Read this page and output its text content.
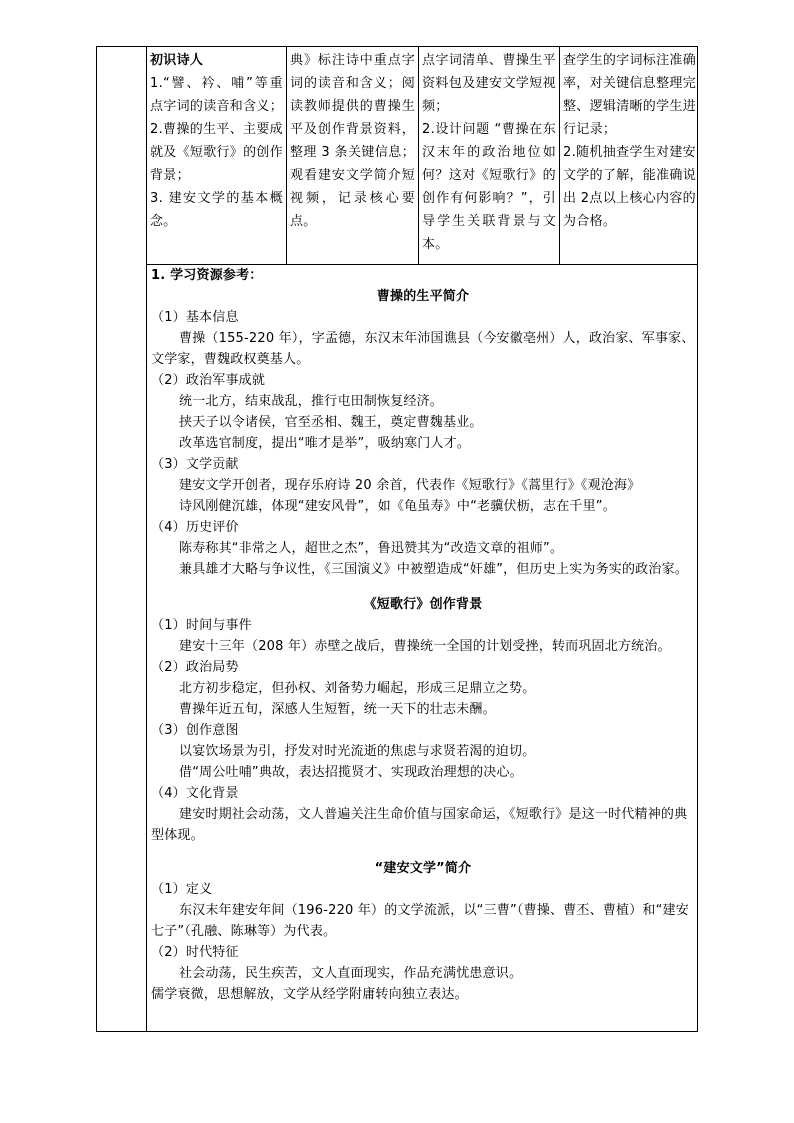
初识诗人

1.“譬、衿、哺”等重点字词的读音和含义；

2.曹操的生平、主要成就及《短歌行》的创作背景；

3. 建安文学的基本概念。

典》标注诗中重点字词的读音和含义；阅读教师提供的曹操生平及创作背景资料，整理 3 条关键信息；观看建安文学简介短视频，记录核心要点。

点字词清单、曹操生平资料包及建安文学短视频；

2.设计问题 “曹操在东汉末年的政治地位如何？这对《短歌行》的创作有何影响？”，引导学生关联背景与文本。

查学生的字词标注准确率，对关键信息整理完整、逻辑清晰的学生进行记录；

2.随机抽查学生对建安文学的了解，能准确说出 2点以上核心内容的为合格。

1. 学习资源参考：

曹操的生平简介

（1）基本信息

曹操（155-220 年），字孟德，东汉末年沛国谯县（今安徽亳州）人，政治家、军事家、文学家，曹魏政权奠基人。

（2）政治军事成就

统一北方，结束战乱，推行屯田制恢复经济。

挟天子以令诸侯，官至丞相、魏王，奠定曹魏基业。

改革选官制度，提出“唯才是举”，吸纳寒门人才。

（3）文学贡献

建安文学开创者，现存乐府诗 20 余首，代表作《短歌行》《蒿里行》《观沧海》

诗风刚健沉雄，体现“建安风骨”，如《龟虽寿》中“老骥伏枥，志在千里”。

（4）历史评价

陈寿称其“非常之人，超世之杰”，鲁迅赞其为“改造文章的祖师”。

兼具雄才大略与争议性，《三国演义》中被塑造成“奸雄”，但历史上实为务实的政治家。

《短歌行》创作背景

（1）时间与事件

建安十三年（208 年）赤壁之战后，曹操统一全国的计划受挫，转而巩固北方统治。

（2）政治局势

北方初步稳定，但孙权、刘备势力崛起，形成三足鼎立之势。

曹操年近五旬，深感人生短暂，统一天下的壮志未酬。

（3）创作意图

以宴饮场景为引，抒发对时光流逝的焦虑与求贤若渴的迫切。

借“周公吐哺”典故，表达招揽贤才、实现政治理想的决心。

（4）文化背景

建安时期社会动荡，文人普遍关注生命价值与国家命运，《短歌行》是这一时代精神的典型体现。

“建安文学”简介

（1）定义

东汉末年建安年间（196-220 年）的文学流派，以“三曹”（曹操、曹丕、曹植）和“建安七子”（孔融、陈琳等）为代表。

（2）时代特征

社会动荡，民生疾苦，文人直面现实，作品充满忧患意识。

儒学衰微，思想解放，文学从经学附庸转向独立表达。
